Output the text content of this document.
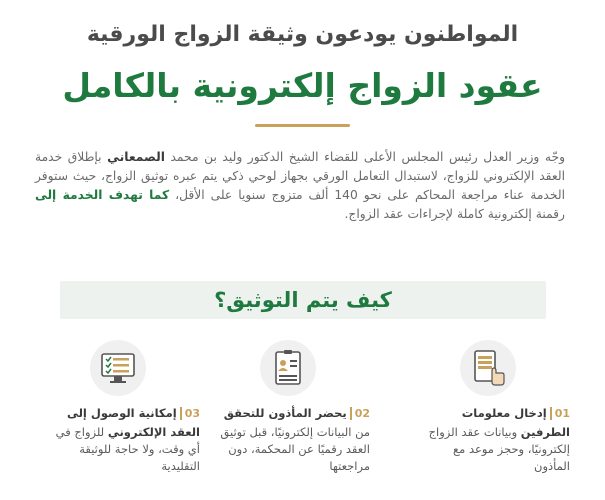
المواطنون يودعون وثيقة الزواج الورقية
عقود الزواج إلكترونية بالكامل

وجّه وزير العدل رئيس المجلس الأعلى للقضاء الشيخ الدكتور وليد بن محمد الصمعاني بإطلاق خدمة العقد الإلكتروني للزواج، لاستبدال التعامل الورقي بجهاز لوحي ذكي يتم عبره توثيق الزواج، حيث ستوفر الخدمة عناء مراجعة المحاكم على نحو 140 ألف متزوج سنويا على الأقل، كما تهدف الخدمة إلى رقمنة إلكترونية كاملة لإجراءات عقد الزواج.

كيف يتم التوثيق؟
01
إدخال معلومات
الطرفين وبيانات عقد الزواج إلكترونيًا، وحجز موعد مع المأذون
02
يحضر المأذون للتحقق
من البيانات إلكترونيًا، قبل توثيق العقد رقميًا عن المحكمة، دون مراجعتها
03
إمكانية الوصول إلى
العقد الإلكتروني للزواج في أي وقت، ولا حاجة للوثيقة التقليدية
